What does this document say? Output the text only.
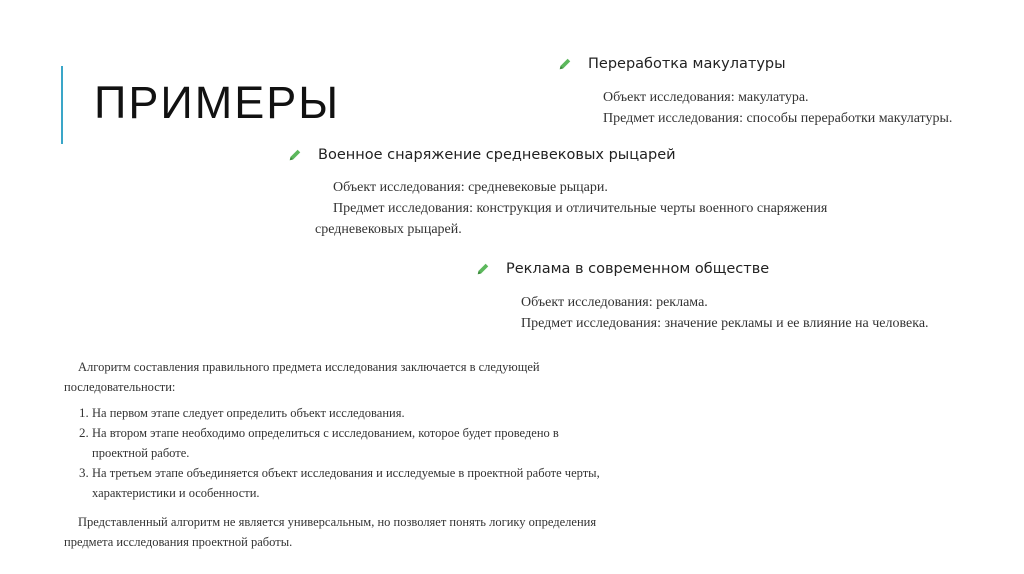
ПРИМЕРЫ
Переработка макулатуры
Объект исследования: макулатура.
Предмет исследования: способы переработки макулатуры.
Военное снаряжение средневековых рыцарей
Объект исследования: средневековые рыцари.
Предмет исследования: конструкция и отличительные черты военного снаряжения средневековых рыцарей.
Реклама в современном обществе
Объект исследования: реклама.
Предмет исследования: значение рекламы и ее влияние на человека.

Алгоритм составления правильного предмета исследования заключается в следующей последовательности:

1. На первом этапе следует определить объект исследования.
2. На втором этапе необходимо определиться с исследованием, которое будет проведено в проектной работе.
3. На третьем этапе объединяется объект исследования и исследуемые в проектной работе черты, характеристики и особенности.

Представленный алгоритм не является универсальным, но позволяет понять логику определения предмета исследования проектной работы.
